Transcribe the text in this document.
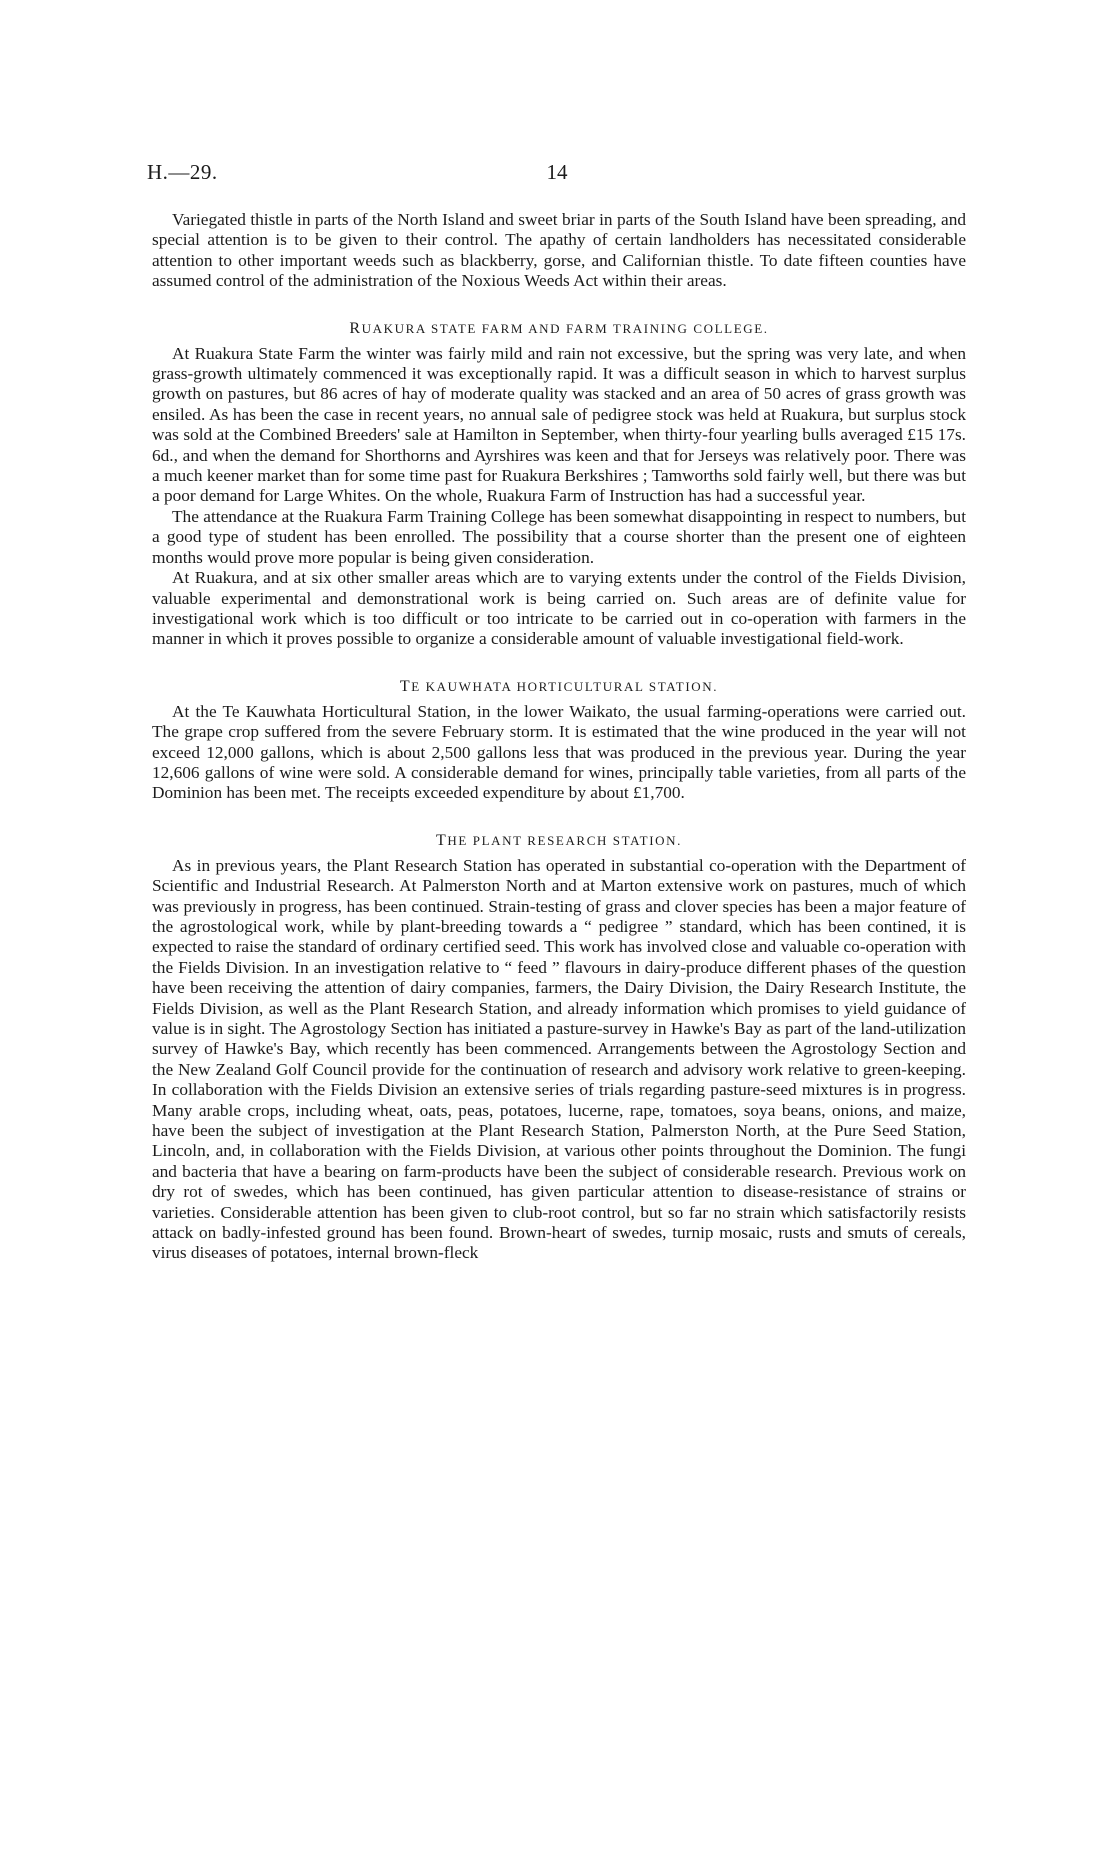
H.—29.	14

Variegated thistle in parts of the North Island and sweet briar in parts of the South Island have been spreading, and special attention is to be given to their control. The apathy of certain landholders has necessitated considerable attention to other important weeds such as blackberry, gorse, and Californian thistle. To date fifteen counties have assumed control of the administration of the Noxious Weeds Act within their areas.

RUAKURA STATE FARM AND FARM TRAINING COLLEGE.

At Ruakura State Farm the winter was fairly mild and rain not excessive, but the spring was very late, and when grass-growth ultimately commenced it was exceptionally rapid. It was a difficult season in which to harvest surplus growth on pastures, but 86 acres of hay of moderate quality was stacked and an area of 50 acres of grass growth was ensiled. As has been the case in recent years, no annual sale of pedigree stock was held at Ruakura, but surplus stock was sold at the Combined Breeders' sale at Hamilton in September, when thirty-four yearling bulls averaged £15 17s. 6d., and when the demand for Shorthorns and Ayrshires was keen and that for Jerseys was relatively poor. There was a much keener market than for some time past for Ruakura Berkshires ; Tamworths sold fairly well, but there was but a poor demand for Large Whites. On the whole, Ruakura Farm of Instruction has had a successful year.

The attendance at the Ruakura Farm Training College has been somewhat disappointing in respect to numbers, but a good type of student has been enrolled. The possibility that a course shorter than the present one of eighteen months would prove more popular is being given consideration.

At Ruakura, and at six other smaller areas which are to varying extents under the control of the Fields Division, valuable experimental and demonstrational work is being carried on. Such areas are of definite value for investigational work which is too difficult or too intricate to be carried out in co-operation with farmers in the manner in which it proves possible to organize a considerable amount of valuable investigational field-work.

TE KAUWHATA HORTICULTURAL STATION.

At the Te Kauwhata Horticultural Station, in the lower Waikato, the usual farming-operations were carried out. The grape crop suffered from the severe February storm. It is estimated that the wine produced in the year will not exceed 12,000 gallons, which is about 2,500 gallons less that was produced in the previous year. During the year 12,606 gallons of wine were sold. A considerable demand for wines, principally table varieties, from all parts of the Dominion has been met. The receipts exceeded expenditure by about £1,700.

THE PLANT RESEARCH STATION.

As in previous years, the Plant Research Station has operated in substantial co-operation with the Department of Scientific and Industrial Research. At Palmerston North and at Marton extensive work on pastures, much of which was previously in progress, has been continued. Strain-testing of grass and clover species has been a major feature of the agrostological work, while by plant-breeding towards a “ pedigree ” standard, which has been contined, it is expected to raise the standard of ordinary certified seed. This work has involved close and valuable co-operation with the Fields Division. In an investigation relative to “ feed ” flavours in dairy-produce different phases of the question have been receiving the attention of dairy companies, farmers, the Dairy Division, the Dairy Research Institute, the Fields Division, as well as the Plant Research Station, and already information which promises to yield guidance of value is in sight. The Agrostology Section has initiated a pasture-survey in Hawke's Bay as part of the land-utilization survey of Hawke's Bay, which recently has been commenced. Arrangements between the Agrostology Section and the New Zealand Golf Council provide for the continuation of research and advisory work relative to green-keeping. In collaboration with the Fields Division an extensive series of trials regarding pasture-seed mixtures is in progress. Many arable crops, including wheat, oats, peas, potatoes, lucerne, rape, tomatoes, soya beans, onions, and maize, have been the subject of investigation at the Plant Research Station, Palmerston North, at the Pure Seed Station, Lincoln, and, in collaboration with the Fields Division, at various other points throughout the Dominion. The fungi and bacteria that have a bearing on farm-products have been the subject of considerable research. Previous work on dry rot of swedes, which has been continued, has given particular attention to disease-resistance of strains or varieties. Considerable attention has been given to club-root control, but so far no strain which satisfactorily resists attack on badly-infested ground has been found. Brown-heart of swedes, turnip mosaic, rusts and smuts of cereals, virus diseases of potatoes, internal brown-fleck
